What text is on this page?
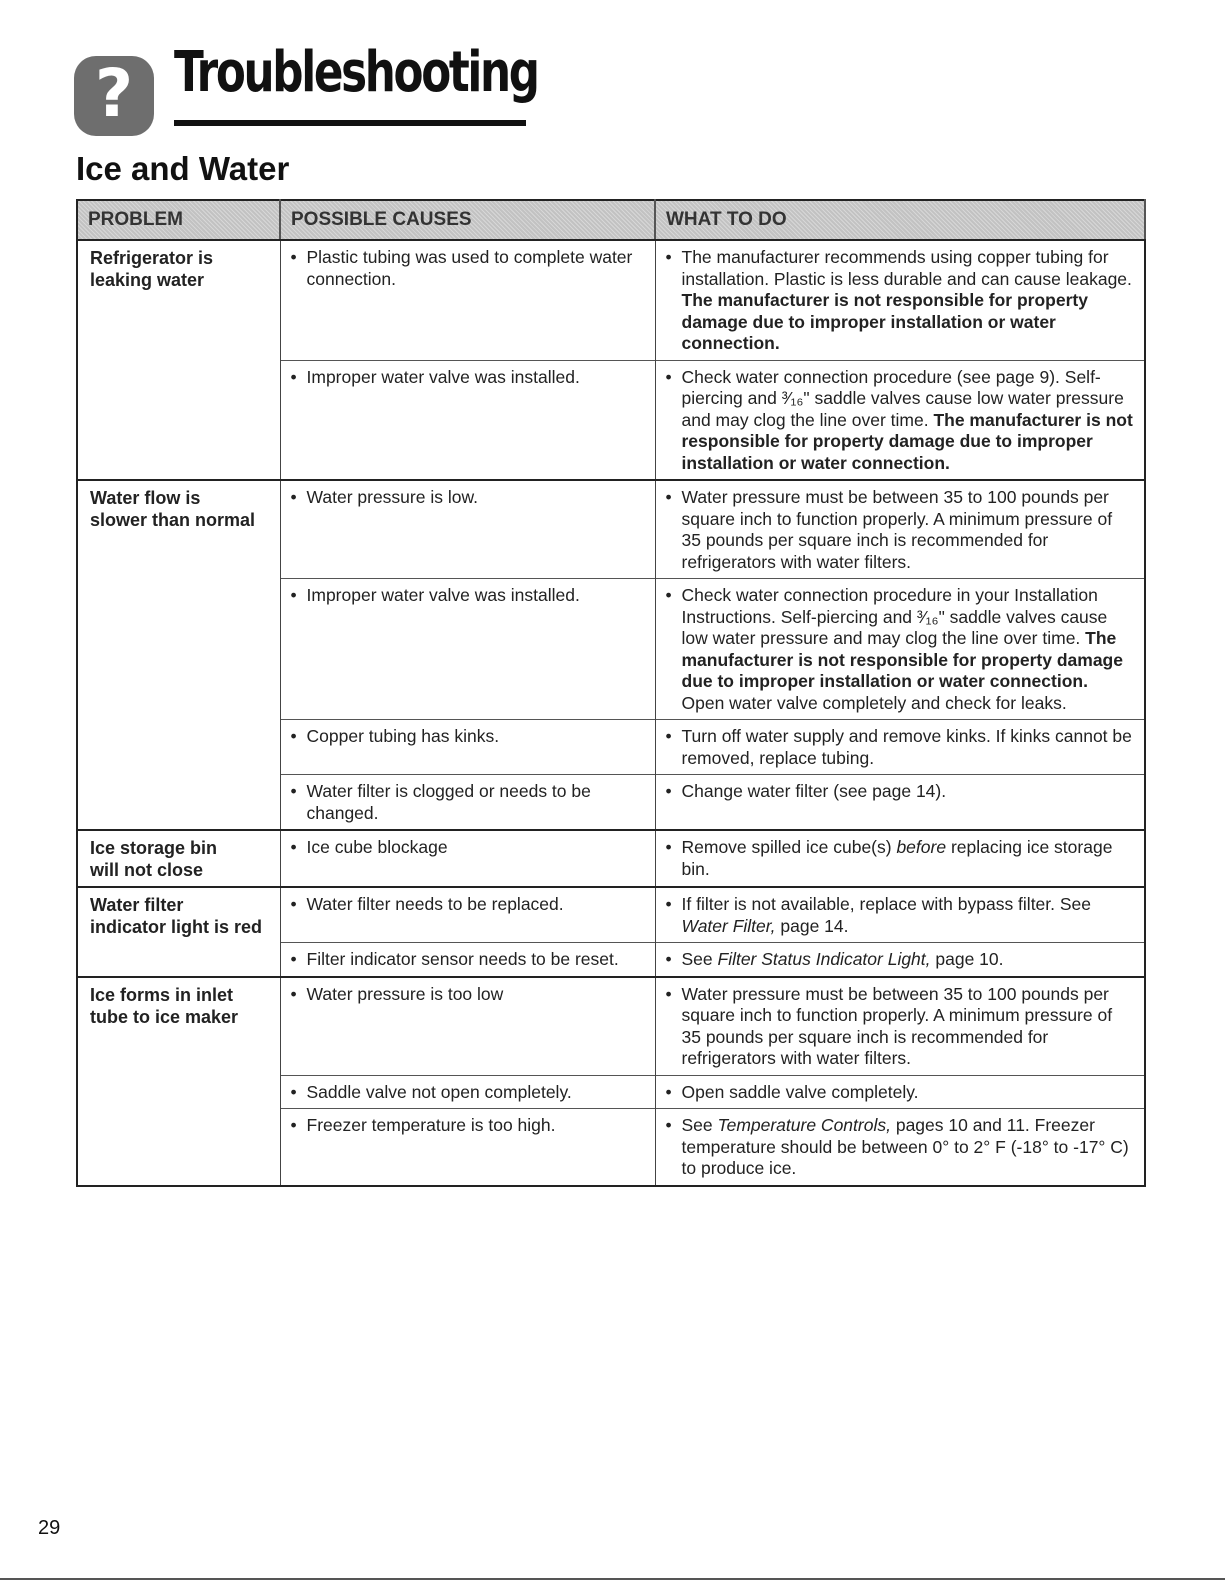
? Troubleshooting
Ice and Water
PROBLEM	POSSIBLE CAUSES	WHAT TO DO

Refrigerator is
leaking water	• Plastic tubing was used to complete water connection.	• The manufacturer recommends using copper tubing for installation. Plastic is less durable and can cause leakage. The manufacturer is not responsible for property damage due to improper installation or water connection.

	• Improper water valve was installed.	• Check water connection procedure (see page 9). Self-piercing and ³⁄₁₆" saddle valves cause low water pressure and may clog the line over time. The manufacturer is not responsible for property damage due to improper installation or water connection.

Water flow is
slower than normal	• Water pressure is low.	• Water pressure must be between 35 to 100 pounds per square inch to function properly. A minimum pressure of 35 pounds per square inch is recommended for refrigerators with water filters.

	• Improper water valve was installed.	• Check water connection procedure in your Installation Instructions. Self-piercing and ³⁄₁₆" saddle valves cause low water pressure and may clog the line over time. The manufacturer is not responsible for property damage due to improper installation or water connection. Open water valve completely and check for leaks.

	• Copper tubing has kinks.	• Turn off water supply and remove kinks. If kinks cannot be removed, replace tubing.

	• Water filter is clogged or needs to be changed.	• Change water filter (see page 14).

Ice storage bin
will not close	• Ice cube blockage	• Remove spilled ice cube(s) before replacing ice storage bin.

Water filter
indicator light is red	• Water filter needs to be replaced.	• If filter is not available, replace with bypass filter. See Water Filter, page 14.

	• Filter indicator sensor needs to be reset.	• See Filter Status Indicator Light, page 10.

Ice forms in inlet
tube to ice maker	• Water pressure is too low	• Water pressure must be between 35 to 100 pounds per square inch to function properly. A minimum pressure of 35 pounds per square inch is recommended for refrigerators with water filters.

	• Saddle valve not open completely.	• Open saddle valve completely.

	• Freezer temperature is too high.	• See Temperature Controls, pages 10 and 11. Freezer temperature should be between 0° to 2° F (-18° to -17° C) to produce ice.

29
